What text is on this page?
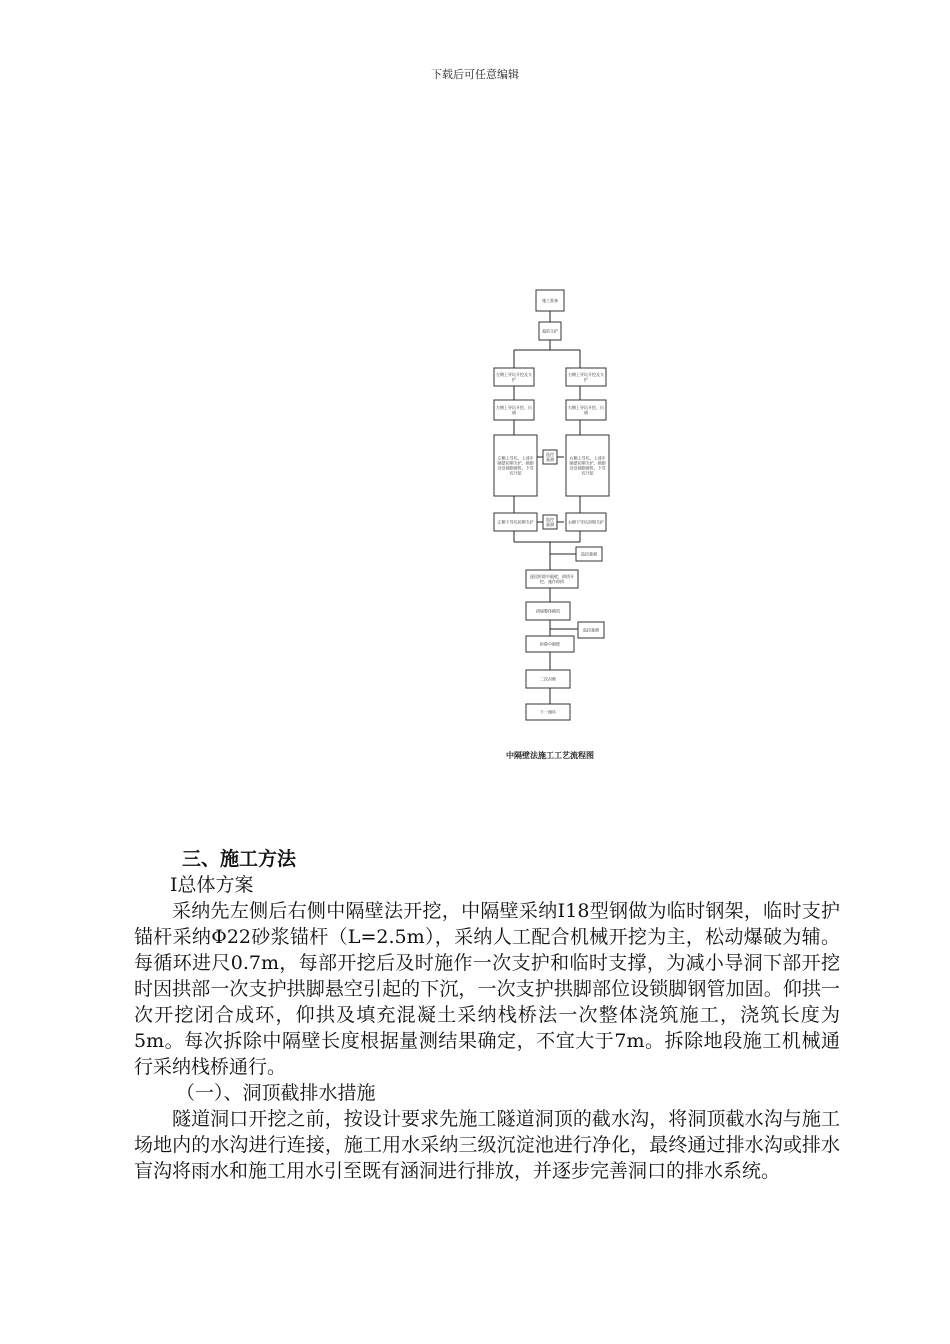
下载后可任意编辑
施工准备
超前支护
左侧上导坑开挖及支护
右侧上导坑开挖及支护
左侧上导坑开挖、出碴
右侧上导坑开挖、出碴
左侧上导坑、上部中隔壁初期支护、拱脚处设锁脚钢管，下导坑开挖
右侧上导坑、上部中隔壁初期支护、拱脚处设锁脚钢管，下导坑开挖
监控量测
左侧下导坑初期支护	右侧下导坑初期支护
监控量测
监控量测
逐段拆除中隔壁、仰拱开挖、施作仰拱
拱墙整体模筑
监控量测
拆除中隔壁
二次衬砌
下一循环
中隔壁法施工工艺流程图

三、施工方法

Ⅰ总体方案

采纳先左侧后右侧中隔壁法开挖，中隔壁采纳Ⅰ18型钢做为临时钢架，临时支护锚杆采纳Φ22砂浆锚杆（L=2.5m），采纳人工配合机械开挖为主，松动爆破为辅。每循环进尺0.7m，每部开挖后及时施作一次支护和临时支撑，为减小导洞下部开挖时因拱部一次支护拱脚悬空引起的下沉，一次支护拱脚部位设锁脚钢管加固。仰拱一次开挖闭合成环，仰拱及填充混凝土采纳栈桥法一次整体浇筑施工，浇筑长度为5m。每次拆除中隔壁长度根据量测结果确定，不宜大于7m。拆除地段施工机械通行采纳栈桥通行。

（一）、洞顶截排水措施

隧道洞口开挖之前，按设计要求先施工隧道洞顶的截水沟，将洞顶截水沟与施工场地内的水沟进行连接，施工用水采纳三级沉淀池进行净化，最终通过排水沟或排水盲沟将雨水和施工用水引至既有涵洞进行排放，并逐步完善洞口的排水系统。
